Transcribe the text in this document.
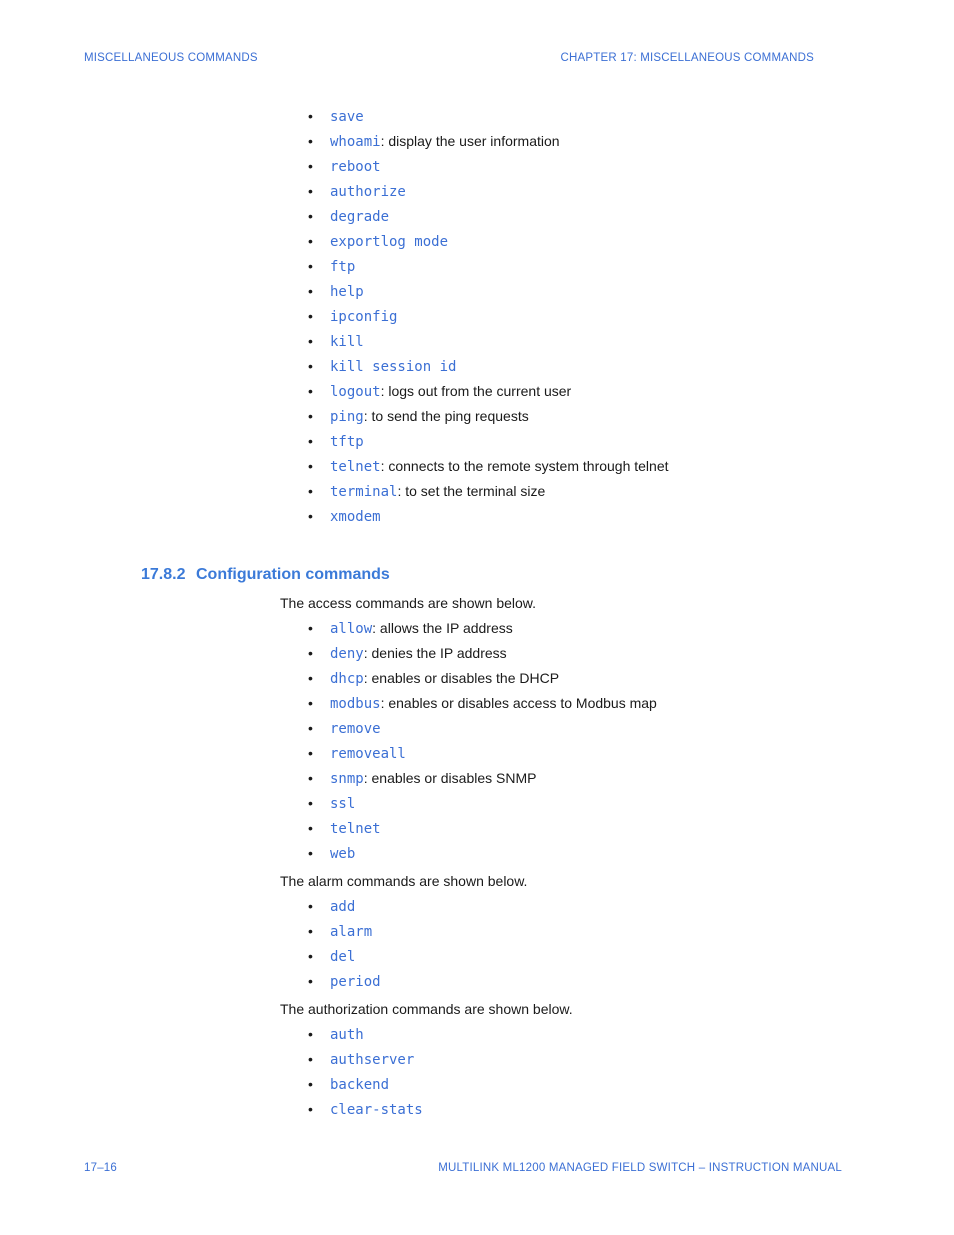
MISCELLANEOUS COMMANDS	CHAPTER 17: MISCELLANEOUS COMMANDS
• save
• whoami: display the user information
• reboot
• authorize
• degrade
• exportlog mode
• ftp
• help
• ipconfig
• kill
• kill session id
• logout: logs out from the current user
• ping: to send the ping requests
• tftp
• telnet: connects to the remote system through telnet
• terminal: to set the terminal size
• xmodem
17.8.2 Configuration commands
The access commands are shown below.
• allow: allows the IP address
• deny: denies the IP address
• dhcp: enables or disables the DHCP
• modbus: enables or disables access to Modbus map
• remove
• removeall
• snmp: enables or disables SNMP
• ssl
• telnet
• web
The alarm commands are shown below.
• add
• alarm
• del
• period
The authorization commands are shown below.
• auth
• authserver
• backend
• clear-stats
17–16	MULTILINK ML1200 MANAGED FIELD SWITCH – INSTRUCTION MANUAL
